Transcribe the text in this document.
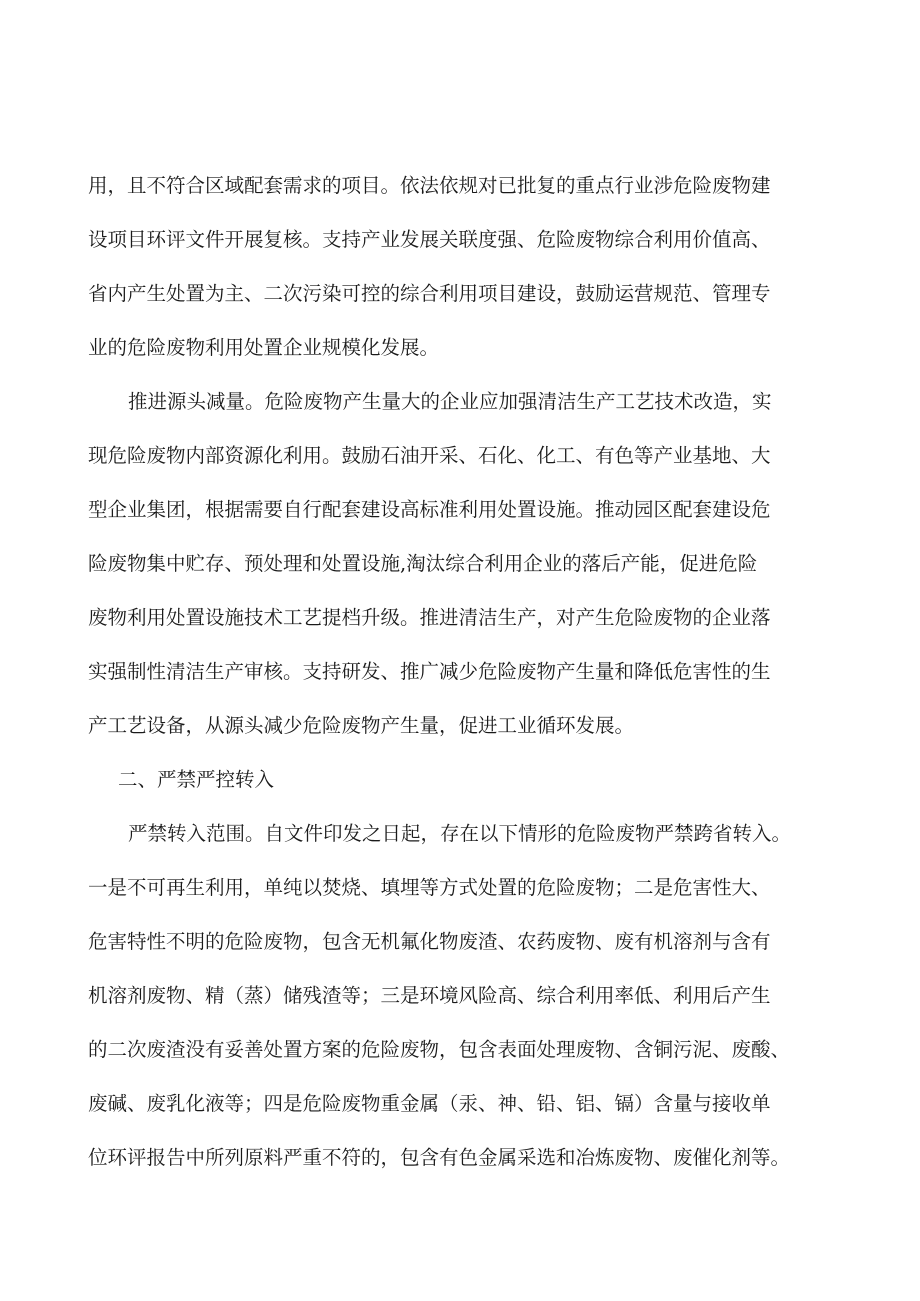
用，且不符合区域配套需求的项目。依法依规对已批复的重点行业涉危险废物建
设项目环评文件开展复核。支持产业发展关联度强、危险废物综合利用价值高、
省内产生处置为主、二次污染可控的综合利用项目建设，鼓励运营规范、管理专
业的危险废物利用处置企业规模化发展。
推进源头减量。危险废物产生量大的企业应加强清洁生产工艺技术改造，实
现危险废物内部资源化利用。鼓励石油开采、石化、化工、有色等产业基地、大
型企业集团，根据需要自行配套建设高标准利用处置设施。推动园区配套建设危
险废物集中贮存、预处理和处置设施,淘汰综合利用企业的落后产能，促进危险
废物利用处置设施技术工艺提档升级。推进清洁生产，对产生危险废物的企业落
实强制性清洁生产审核。支持研发、推广减少危险废物产生量和降低危害性的生
产工艺设备，从源头减少危险废物产生量，促进工业循环发展。
二、严禁严控转入
严禁转入范围。自文件印发之日起，存在以下情形的危险废物严禁跨省转入。
一是不可再生利用，单纯以焚烧、填埋等方式处置的危险废物；二是危害性大、
危害特性不明的危险废物，包含无机氟化物废渣、农药废物、废有机溶剂与含有
机溶剂废物、精（蒸）储残渣等；三是环境风险高、综合利用率低、利用后产生
的二次废渣没有妥善处置方案的危险废物，包含表面处理废物、含铜污泥、废酸、
废碱、废乳化液等；四是危险废物重金属（汞、神、铅、铝、镉）含量与接收单
位环评报告中所列原料严重不符的，包含有色金属采选和冶炼废物、废催化剂等。
